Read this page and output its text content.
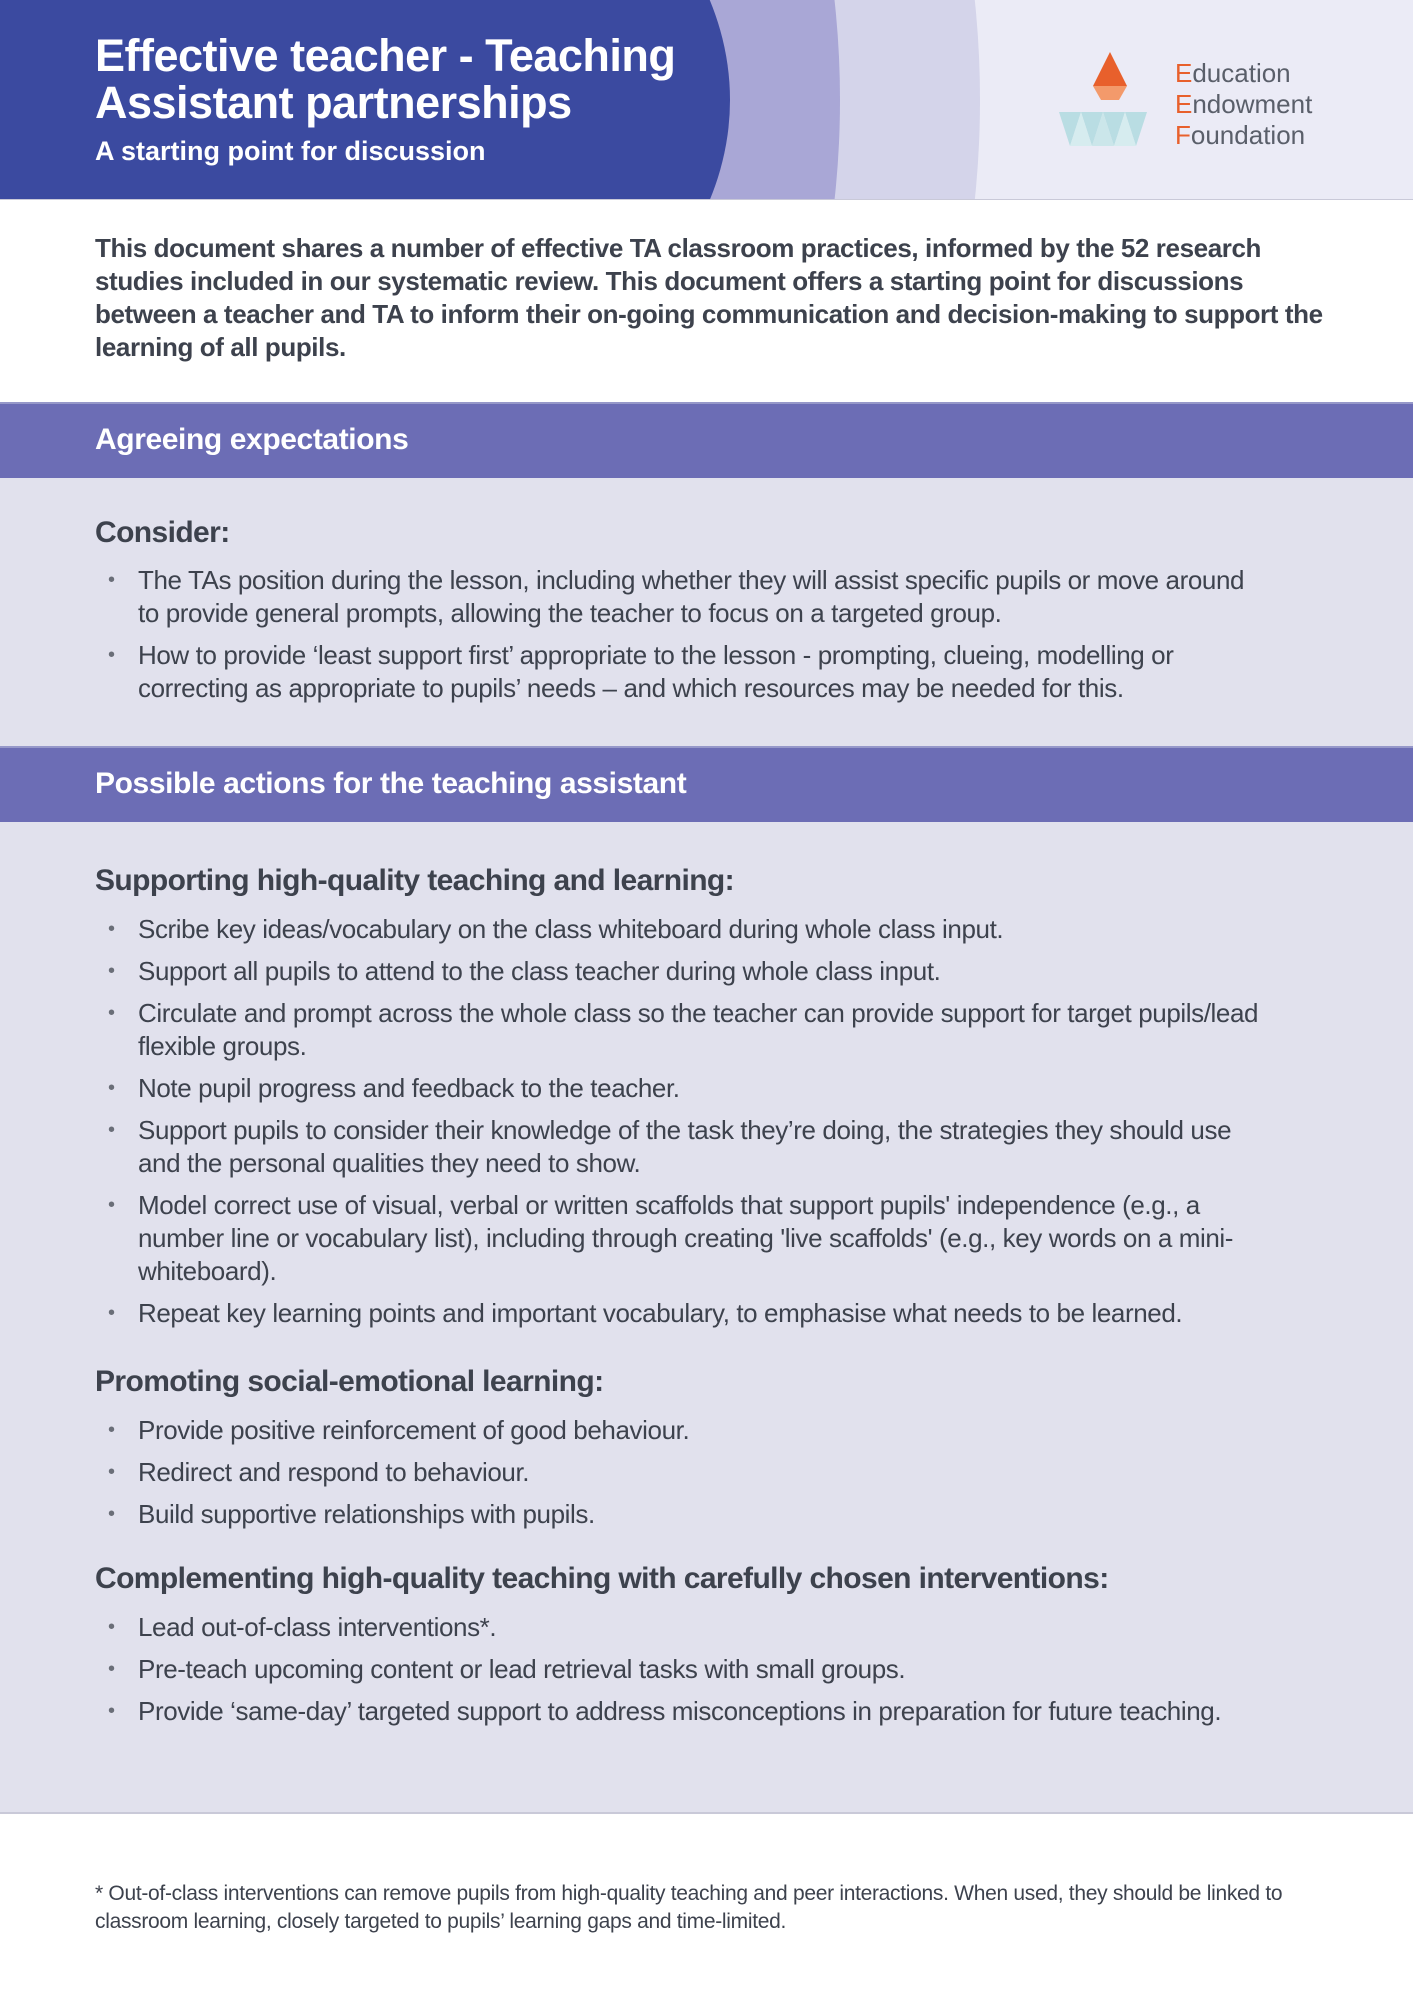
Effective teacher - Teaching Assistant partnerships
A starting point for discussion
Education
Endowment
Foundation
This document shares a number of effective TA classroom practices, informed by the 52 research studies included in our systematic review. This document offers a starting point for discussions between a teacher and TA to inform their on-going communication and decision-making to support the learning of all pupils.
Agreeing expectations
Consider:
• The TAs position during the lesson, including whether they will assist specific pupils or move around to provide general prompts, allowing the teacher to focus on a targeted group.
• How to provide ‘least support first’ appropriate to the lesson - prompting, clueing, modelling or correcting as appropriate to pupils’ needs – and which resources may be needed for this.
Possible actions for the teaching assistant
Supporting high-quality teaching and learning:
• Scribe key ideas/vocabulary on the class whiteboard during whole class input.
• Support all pupils to attend to the class teacher during whole class input.
• Circulate and prompt across the whole class so the teacher can provide support for target pupils/lead flexible groups.
• Note pupil progress and feedback to the teacher.
• Support pupils to consider their knowledge of the task they’re doing, the strategies they should use and the personal qualities they need to show.
• Model correct use of visual, verbal or written scaffolds that support pupils' independence (e.g., a number line or vocabulary list), including through creating 'live scaffolds' (e.g., key words on a mini-whiteboard).
• Repeat key learning points and important vocabulary, to emphasise what needs to be learned.
Promoting social-emotional learning:
• Provide positive reinforcement of good behaviour.
• Redirect and respond to behaviour.
• Build supportive relationships with pupils.
Complementing high-quality teaching with carefully chosen interventions:
• Lead out-of-class interventions*.
• Pre-teach upcoming content or lead retrieval tasks with small groups.
• Provide ‘same-day’ targeted support to address misconceptions in preparation for future teaching.
* Out-of-class interventions can remove pupils from high-quality teaching and peer interactions. When used, they should be linked to classroom learning, closely targeted to pupils’ learning gaps and time-limited.
